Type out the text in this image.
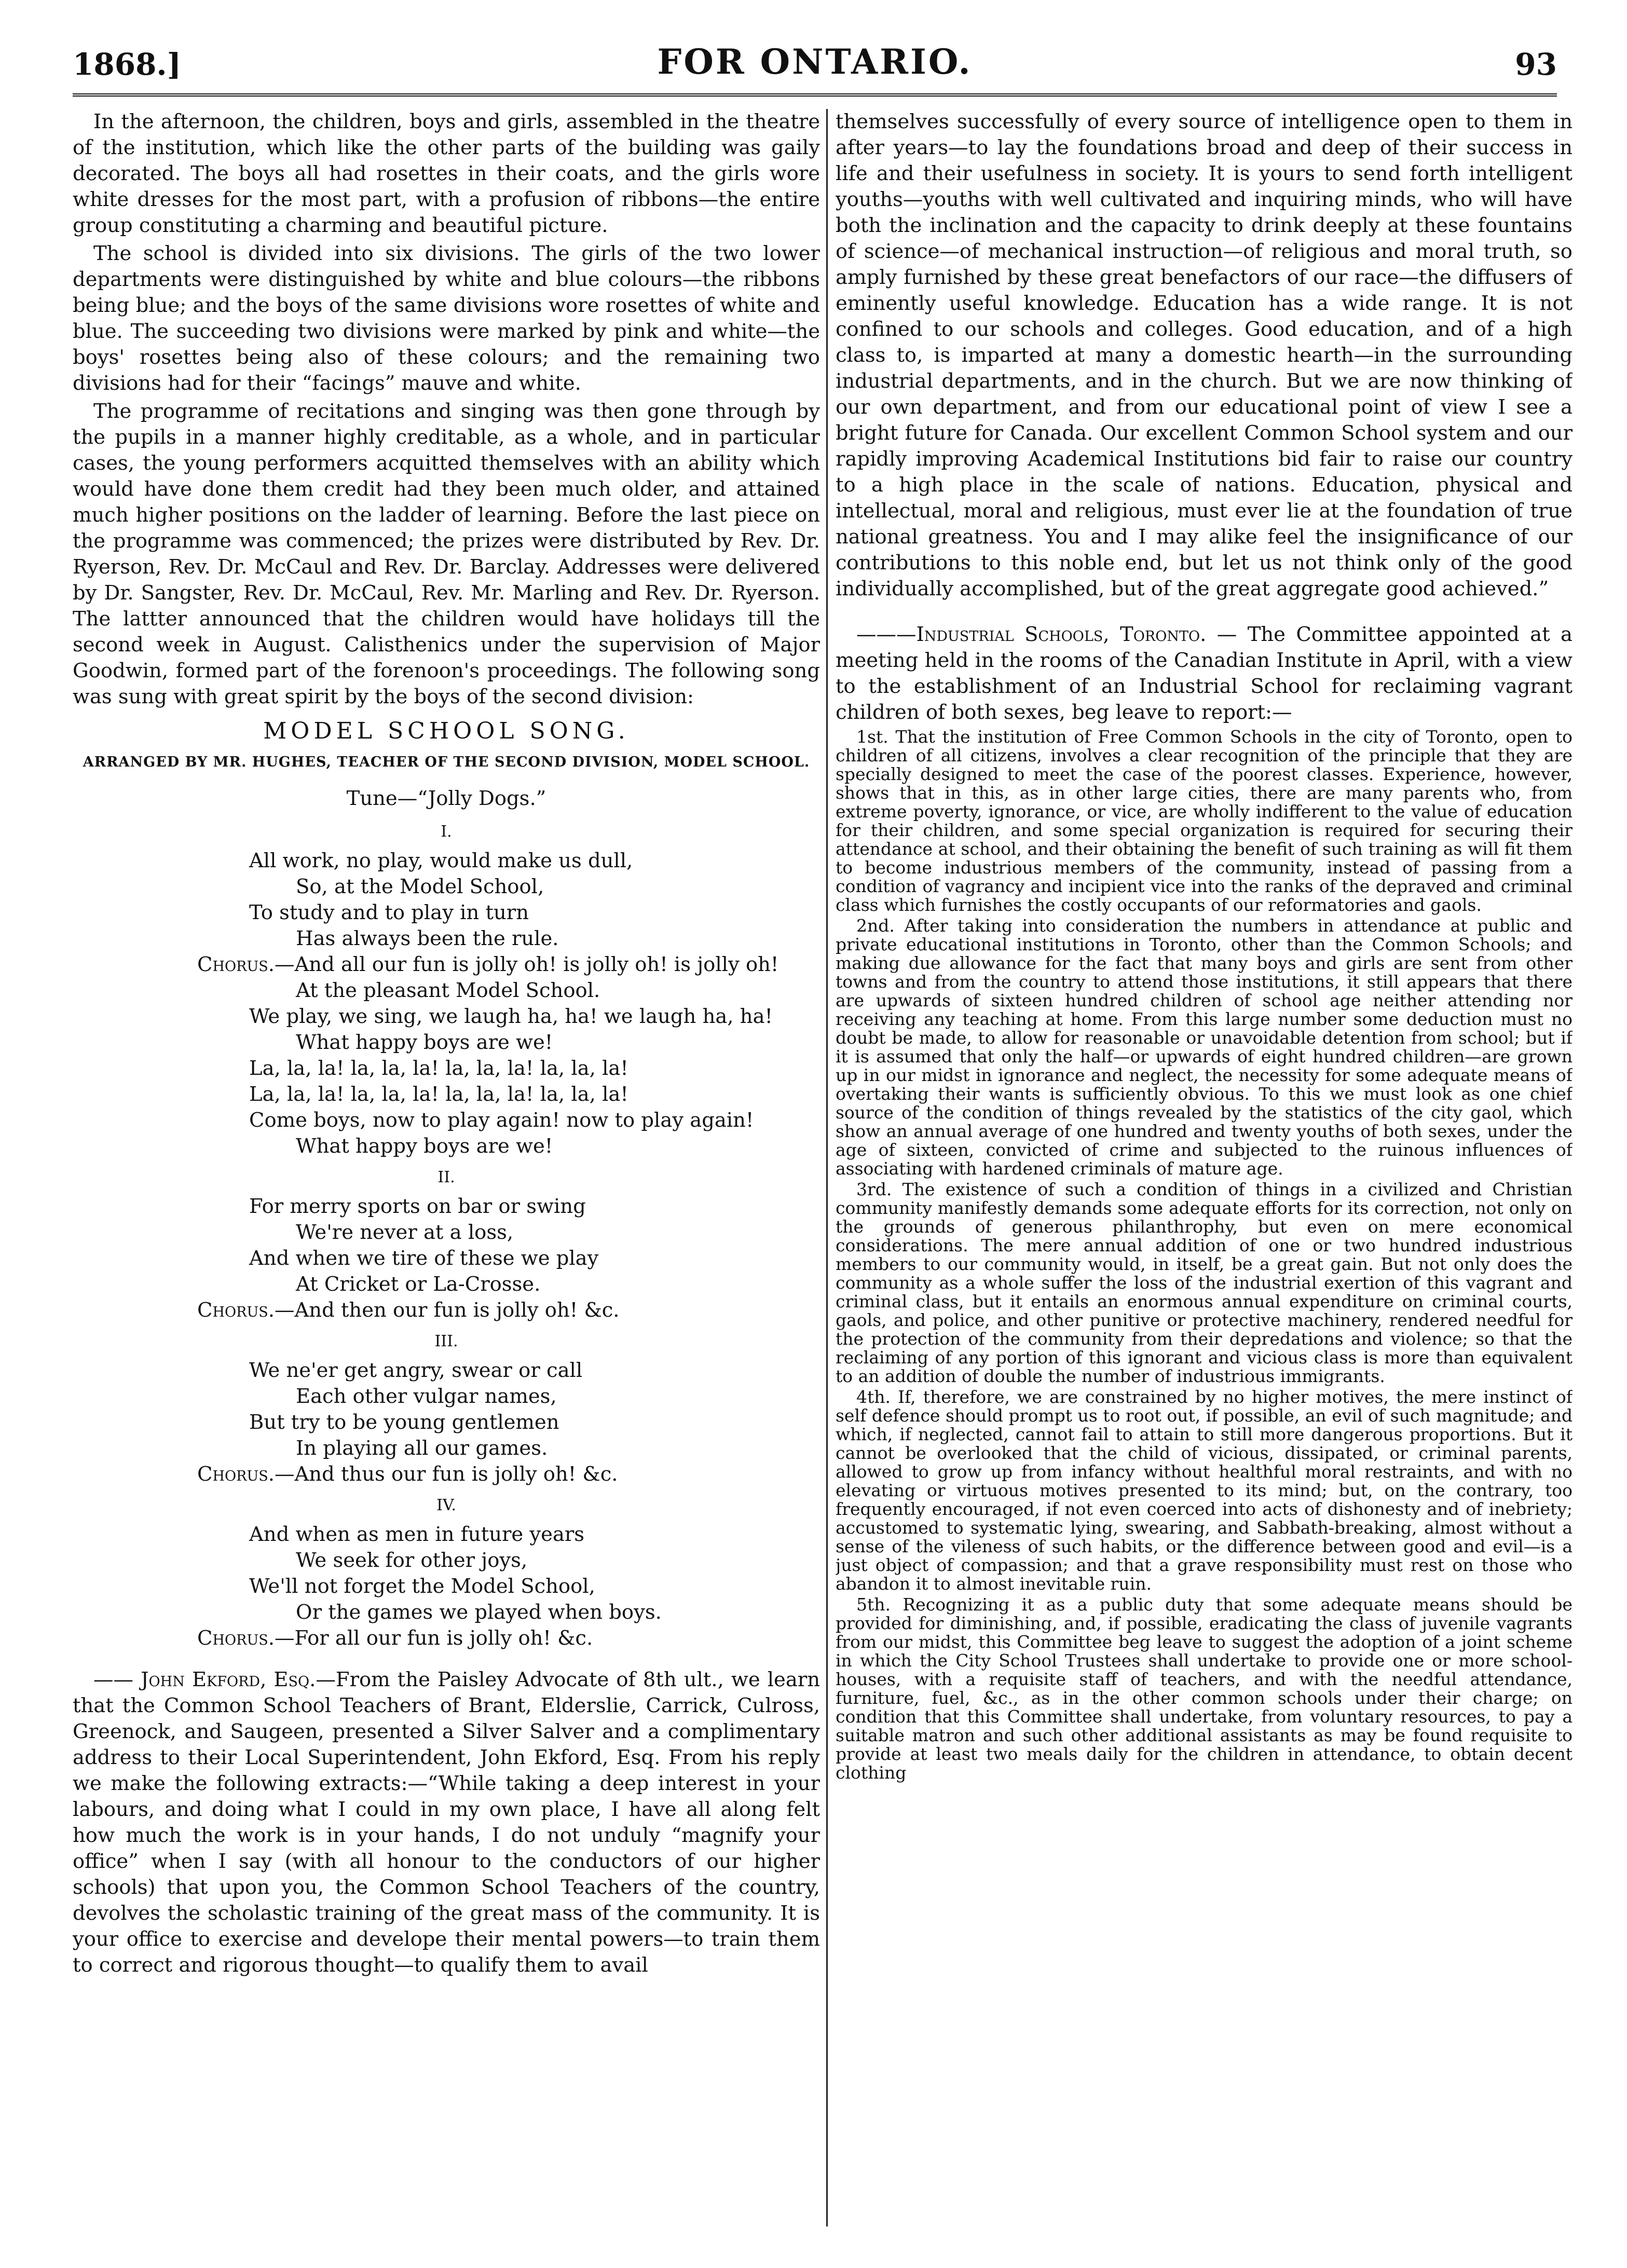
1868.]	FOR ONTARIO.	93

In the afternoon, the children, boys and girls, assembled in the theatre of the institution, which like the other parts of the building was gaily decorated. The boys all had rosettes in their coats, and the girls wore white dresses for the most part, with a profusion of ribbons—the entire group constituting a charming and beautiful picture.

The school is divided into six divisions. The girls of the two lower departments were distinguished by white and blue colours—the ribbons being blue; and the boys of the same divisions wore rosettes of white and blue. The succeeding two divisions were marked by pink and white—the boys' rosettes being also of these colours; and the remaining two divisions had for their “facings” mauve and white.

The programme of recitations and singing was then gone through by the pupils in a manner highly creditable, as a whole, and in particular cases, the young performers acquitted themselves with an ability which would have done them credit had they been much older, and attained much higher positions on the ladder of learning. Before the last piece on the programme was commenced; the prizes were distributed by Rev. Dr. Ryerson, Rev. Dr. McCaul and Rev. Dr. Barclay. Addresses were delivered by Dr. Sangster, Rev. Dr. McCaul, Rev. Mr. Marling and Rev. Dr. Ryerson. The lattter announced that the children would have holidays till the second week in August. Calisthenics under the supervision of Major Goodwin, formed part of the forenoon's proceedings. The following song was sung with great spirit by the boys of the second division:

MODEL SCHOOL SONG.
ARRANGED BY MR. HUGHES, TEACHER OF THE SECOND DIVISION, MODEL SCHOOL.
Tune—“Jolly Dogs.”
I.
All work, no play, would make us dull,
So, at the Model School,
To study and to play in turn
Has always been the rule.
Chorus.—And all our fun is jolly oh! is jolly oh! is jolly oh!
At the pleasant Model School.
We play, we sing, we laugh ha, ha! we laugh ha, ha!
What happy boys are we!
La, la, la! la, la, la! la, la, la! la, la, la!
La, la, la! la, la, la! la, la, la! la, la, la!
Come boys, now to play again! now to play again!
What happy boys are we!
II.
For merry sports on bar or swing
We're never at a loss,
And when we tire of these we play
At Cricket or La-Crosse.
Chorus.—And then our fun is jolly oh! &c.
III.
We ne'er get angry, swear or call
Each other vulgar names,
But try to be young gentlemen
In playing all our games.
Chorus.—And thus our fun is jolly oh! &c.
IV.
And when as men in future years
We seek for other joys,
We'll not forget the Model School,
Or the games we played when boys.
Chorus.—For all our fun is jolly oh! &c.

—— John Ekford, Esq.—From the Paisley Advocate of 8th ult., we learn that the Common School Teachers of Brant, Elderslie, Carrick, Culross, Greenock, and Saugeen, presented a Silver Salver and a complimentary address to their Local Superintendent, John Ekford, Esq. From his reply we make the following extracts:—“While taking a deep interest in your labours, and doing what I could in my own place, I have all along felt how much the work is in your hands, I do not unduly “magnify your office” when I say (with all honour to the conductors of our higher schools) that upon you, the Common School Teachers of the country, devolves the scholastic training of the great mass of the community. It is your office to exercise and develope their mental powers—to train them to correct and rigorous thought—to qualify them to avail

themselves successfully of every source of intelligence open to them in after years—to lay the foundations broad and deep of their success in life and their usefulness in society. It is yours to send forth intelligent youths—youths with well cultivated and inquiring minds, who will have both the inclination and the capacity to drink deeply at these fountains of science—of mechanical instruction—of religious and moral truth, so amply furnished by these great benefactors of our race—the diffusers of eminently useful knowledge. Education has a wide range. It is not confined to our schools and colleges. Good education, and of a high class to, is imparted at many a domestic hearth—in the surrounding industrial departments, and in the church. But we are now thinking of our own department, and from our educational point of view I see a bright future for Canada. Our excellent Common School system and our rapidly improving Academical Institutions bid fair to raise our country to a high place in the scale of nations. Education, physical and intellectual, moral and religious, must ever lie at the foundation of true national greatness. You and I may alike feel the insignificance of our contributions to this noble end, but let us not think only of the good individually accomplished, but of the great aggregate good achieved.”

———Industrial Schools, Toronto. — The Committee appointed at a meeting held in the rooms of the Canadian Institute in April, with a view to the establishment of an Industrial School for reclaiming vagrant children of both sexes, beg leave to report:—

1st. That the institution of Free Common Schools in the city of Toronto, open to children of all citizens, involves a clear recognition of the principle that they are specially designed to meet the case of the poorest classes. Experience, however, shows that in this, as in other large cities, there are many parents who, from extreme poverty, ignorance, or vice, are wholly indifferent to the value of education for their children, and some special organization is required for securing their attendance at school, and their obtaining the benefit of such training as will fit them to become industrious members of the community, instead of passing from a condition of vagrancy and incipient vice into the ranks of the depraved and criminal class which furnishes the costly occupants of our reformatories and gaols.

2nd. After taking into consideration the numbers in attendance at public and private educational institutions in Toronto, other than the Common Schools; and making due allowance for the fact that many boys and girls are sent from other towns and from the country to attend those institutions, it still appears that there are upwards of sixteen hundred children of school age neither attending nor receiving any teaching at home. From this large number some deduction must no doubt be made, to allow for reasonable or unavoidable detention from school; but if it is assumed that only the half—or upwards of eight hundred children—are grown up in our midst in ignorance and neglect, the necessity for some adequate means of overtaking their wants is sufficiently obvious. To this we must look as one chief source of the condition of things revealed by the statistics of the city gaol, which show an annual average of one hundred and twenty youths of both sexes, under the age of sixteen, convicted of crime and subjected to the ruinous influences of associating with hardened criminals of mature age.

3rd. The existence of such a condition of things in a civilized and Christian community manifestly demands some adequate efforts for its correction, not only on the grounds of generous philanthrophy, but even on mere economical considerations. The mere annual addition of one or two hundred industrious members to our community would, in itself, be a great gain. But not only does the community as a whole suffer the loss of the industrial exertion of this vagrant and criminal class, but it entails an enormous annual expenditure on criminal courts, gaols, and police, and other punitive or protective machinery, rendered needful for the protection of the community from their depredations and violence; so that the reclaiming of any portion of this ignorant and vicious class is more than equivalent to an addition of double the number of industrious immigrants.

4th. If, therefore, we are constrained by no higher motives, the mere instinct of self defence should prompt us to root out, if possible, an evil of such magnitude; and which, if neglected, cannot fail to attain to still more dangerous proportions. But it cannot be overlooked that the child of vicious, dissipated, or criminal parents, allowed to grow up from infancy without healthful moral restraints, and with no elevating or virtuous motives presented to its mind; but, on the contrary, too frequently encouraged, if not even coerced into acts of dishonesty and of inebriety; accustomed to systematic lying, swearing, and Sabbath-breaking, almost without a sense of the vileness of such habits, or the difference between good and evil—is a just object of compassion; and that a grave responsibility must rest on those who abandon it to almost inevitable ruin.

5th. Recognizing it as a public duty that some adequate means should be provided for diminishing, and, if possible, eradicating the class of juvenile vagrants from our midst, this Committee beg leave to suggest the adoption of a joint scheme in which the City School Trustees shall undertake to provide one or more school-houses, with a requisite staff of teachers, and with the needful attendance, furniture, fuel, &c., as in the other common schools under their charge; on condition that this Committee shall undertake, from voluntary resources, to pay a suitable matron and such other additional assistants as may be found requisite to provide at least two meals daily for the children in attendance, to obtain decent clothing
